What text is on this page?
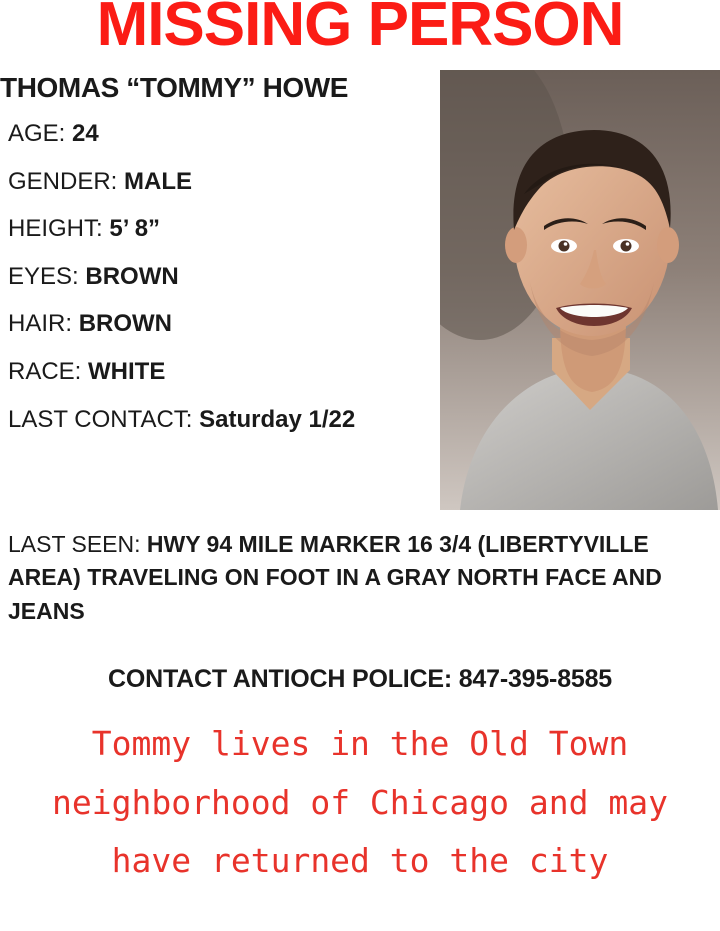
MISSING PERSON
THOMAS “TOMMY” HOWE
AGE: 24
GENDER: MALE
HEIGHT: 5’ 8”
EYES: BROWN
HAIR: BROWN
RACE: WHITE
LAST CONTACT: Saturday 1/22
LAST SEEN: HWY 94 MILE MARKER 16 3/4 (LIBERTYVILLE AREA) TRAVELING ON FOOT IN A GRAY NORTH FACE AND JEANS
CONTACT ANTIOCH POLICE: 847-395-8585
Tommy lives in the Old Town
neighborhood of Chicago and may
have returned to the city
